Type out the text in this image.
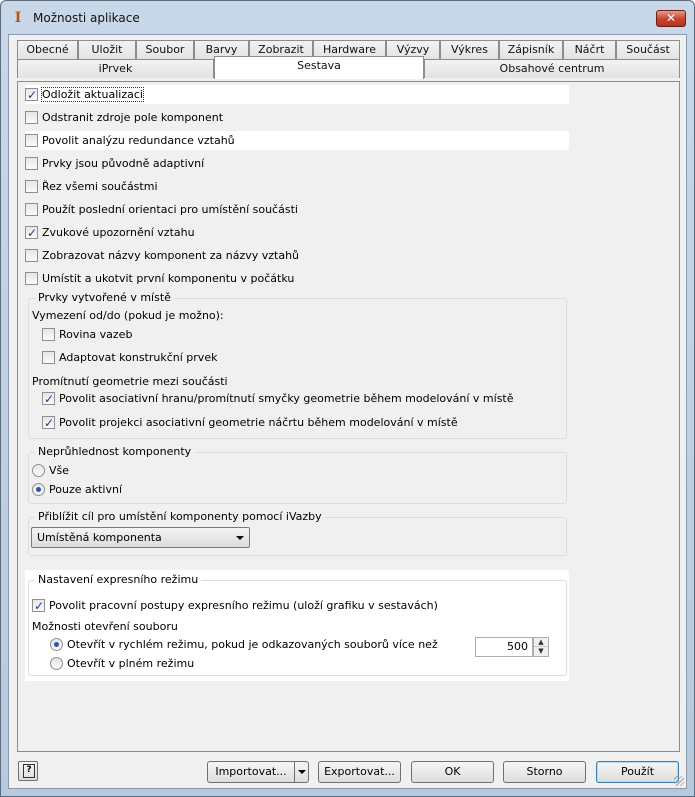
I Možnosti aplikace	✕
Obecné	Uložit	Soubor	Barvy	Zobrazit	Hardware	Výzvy	Výkres	Zápisník	Náčrt	Součást
iPrvek	Sestava	Obsahové centrum
✓Odložit aktualizaci
Odstranit zdroje pole komponent
Povolit analýzu redundance vztahů
Prvky jsou původně adaptivní
Řez všemi součástmi
Použít poslední orientaci pro umístění součásti
✓Zvukové upozornění vztahu
Zobrazovat názvy komponent za názvy vztahů
Umístit a ukotvit první komponentu v počátku
Prvky vytvořené v místě
Vymezení od/do (pokud je možno):
Rovina vazeb
Adaptovat konstrukční prvek
Promítnutí geometrie mezi součásti
✓Povolit asociativní hranu/promítnutí smyčky geometrie během modelování v místě
✓Povolit projekci asociativní geometrie náčrtu během modelování v místě
Neprůhlednost komponenty
Vše
Pouze aktivní
Přiblížit cíl pro umístění komponenty pomocí iVazby
Umístěná komponenta
Nastavení expresního režimu
✓Povolit pracovní postupy expresního režimu (uloží grafiku v sestavách)
Možnosti otevření souboru
Otevřít v rychlém režimu, pokud je odkazovaných souborů více než	500	▲
▼
Otevřít v plném režimu
?
Importovat...	Exportovat...	OK	Storno	Použít
